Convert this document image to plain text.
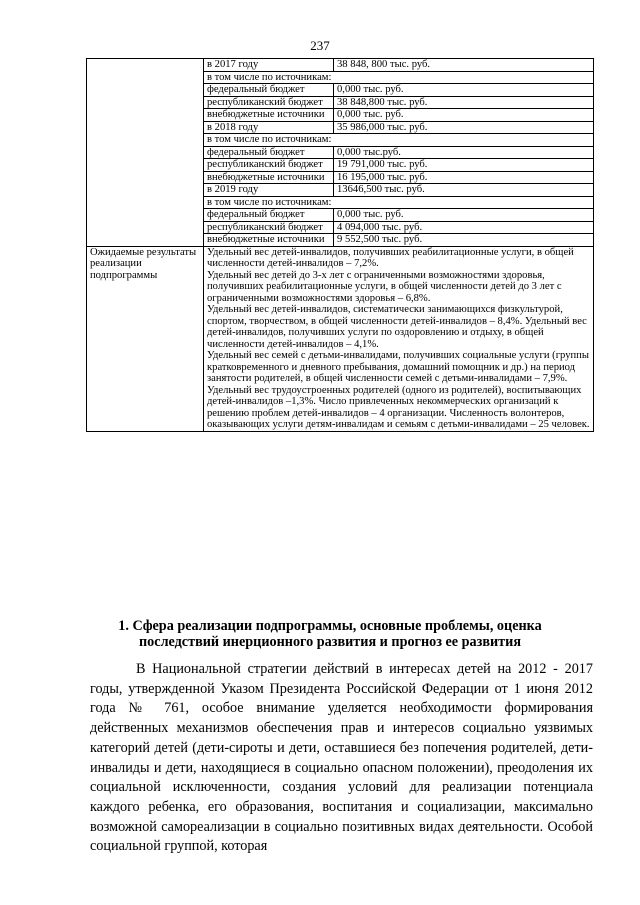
237
	в 2017 году	38 848, 800 тыс. руб.
	в том числе по источникам:	
	федеральный бюджет	0,000 тыс. руб.
	республиканский бюджет	38 848,800 тыс. руб.
	внебюджетные источники	0,000 тыс. руб.
	в 2018 году	35 986,000 тыс. руб.
	в том числе по источникам:	
	федеральный бюджет	0,000 тыс.руб.
	республиканский бюджет	19 791,000 тыс. руб.
	внебюджетные источники	16 195,000 тыс. руб.
	в 2019 году	13646,500 тыс. руб.
	в том числе по источникам:	
	федеральный бюджет	0,000 тыс. руб.
	республиканский бюджет	4 094,000 тыс. руб.
	внебюджетные источники	9 552,500 тыс. руб.
Ожидаемые результаты реализации подпрограммы	Удельный вес детей-инвалидов, получивших реабилитационные услуги, в общей численности детей-инвалидов – 7,2%.
Удельный вес детей до 3-х лет с ограниченными возможностями здоровья, получивших реабилитационные услуги, в общей численности детей до 3 лет с ограниченными возможностями здоровья – 6,8%.
Удельный вес детей-инвалидов, систематически занимающихся физкультурой, спортом, творчеством, в общей численности детей-инвалидов – 8,4%. Удельный вес детей-инвалидов, получивших услуги по оздоровлению и отдыху, в общей численности детей-инвалидов – 4,1%.
Удельный вес семей с детьми-инвалидами, получивших социальные услуги (группы кратковременного и дневного пребывания, домашний помощник и др.) на период занятости родителей, в общей численности семей с детьми-инвалидами – 7,9%. Удельный вес трудоустроенных родителей (одного из родителей), воспитывающих детей-инвалидов –1,3%. Число привлеченных некоммерческих организаций к решению проблем детей-инвалидов – 4 организации. Численность волонтеров, оказывающих услуги детям-инвалидам и семьям с детьми-инвалидами – 25 человек.	
1. Сфера реализации подпрограммы, основные проблемы, оценка последствий инерционного развития и прогноз ее развития
В Национальной стратегии действий в интересах детей на 2012 - 2017 годы, утвержденной Указом Президента Российской Федерации от 1 июня 2012 года № 761, особое внимание уделяется необходимости формирования действенных механизмов обеспечения прав и интересов социально уязвимых категорий детей (дети-сироты и дети, оставшиеся без попечения родителей, дети-инвалиды и дети, находящиеся в социально опасном положении), преодоления их социальной исключенности, создания условий для реализации потенциала каждого ребенка, его образования, воспитания и социализации, максимально возможной самореализации в социально позитивных видах деятельности. Особой социальной группой, которая
